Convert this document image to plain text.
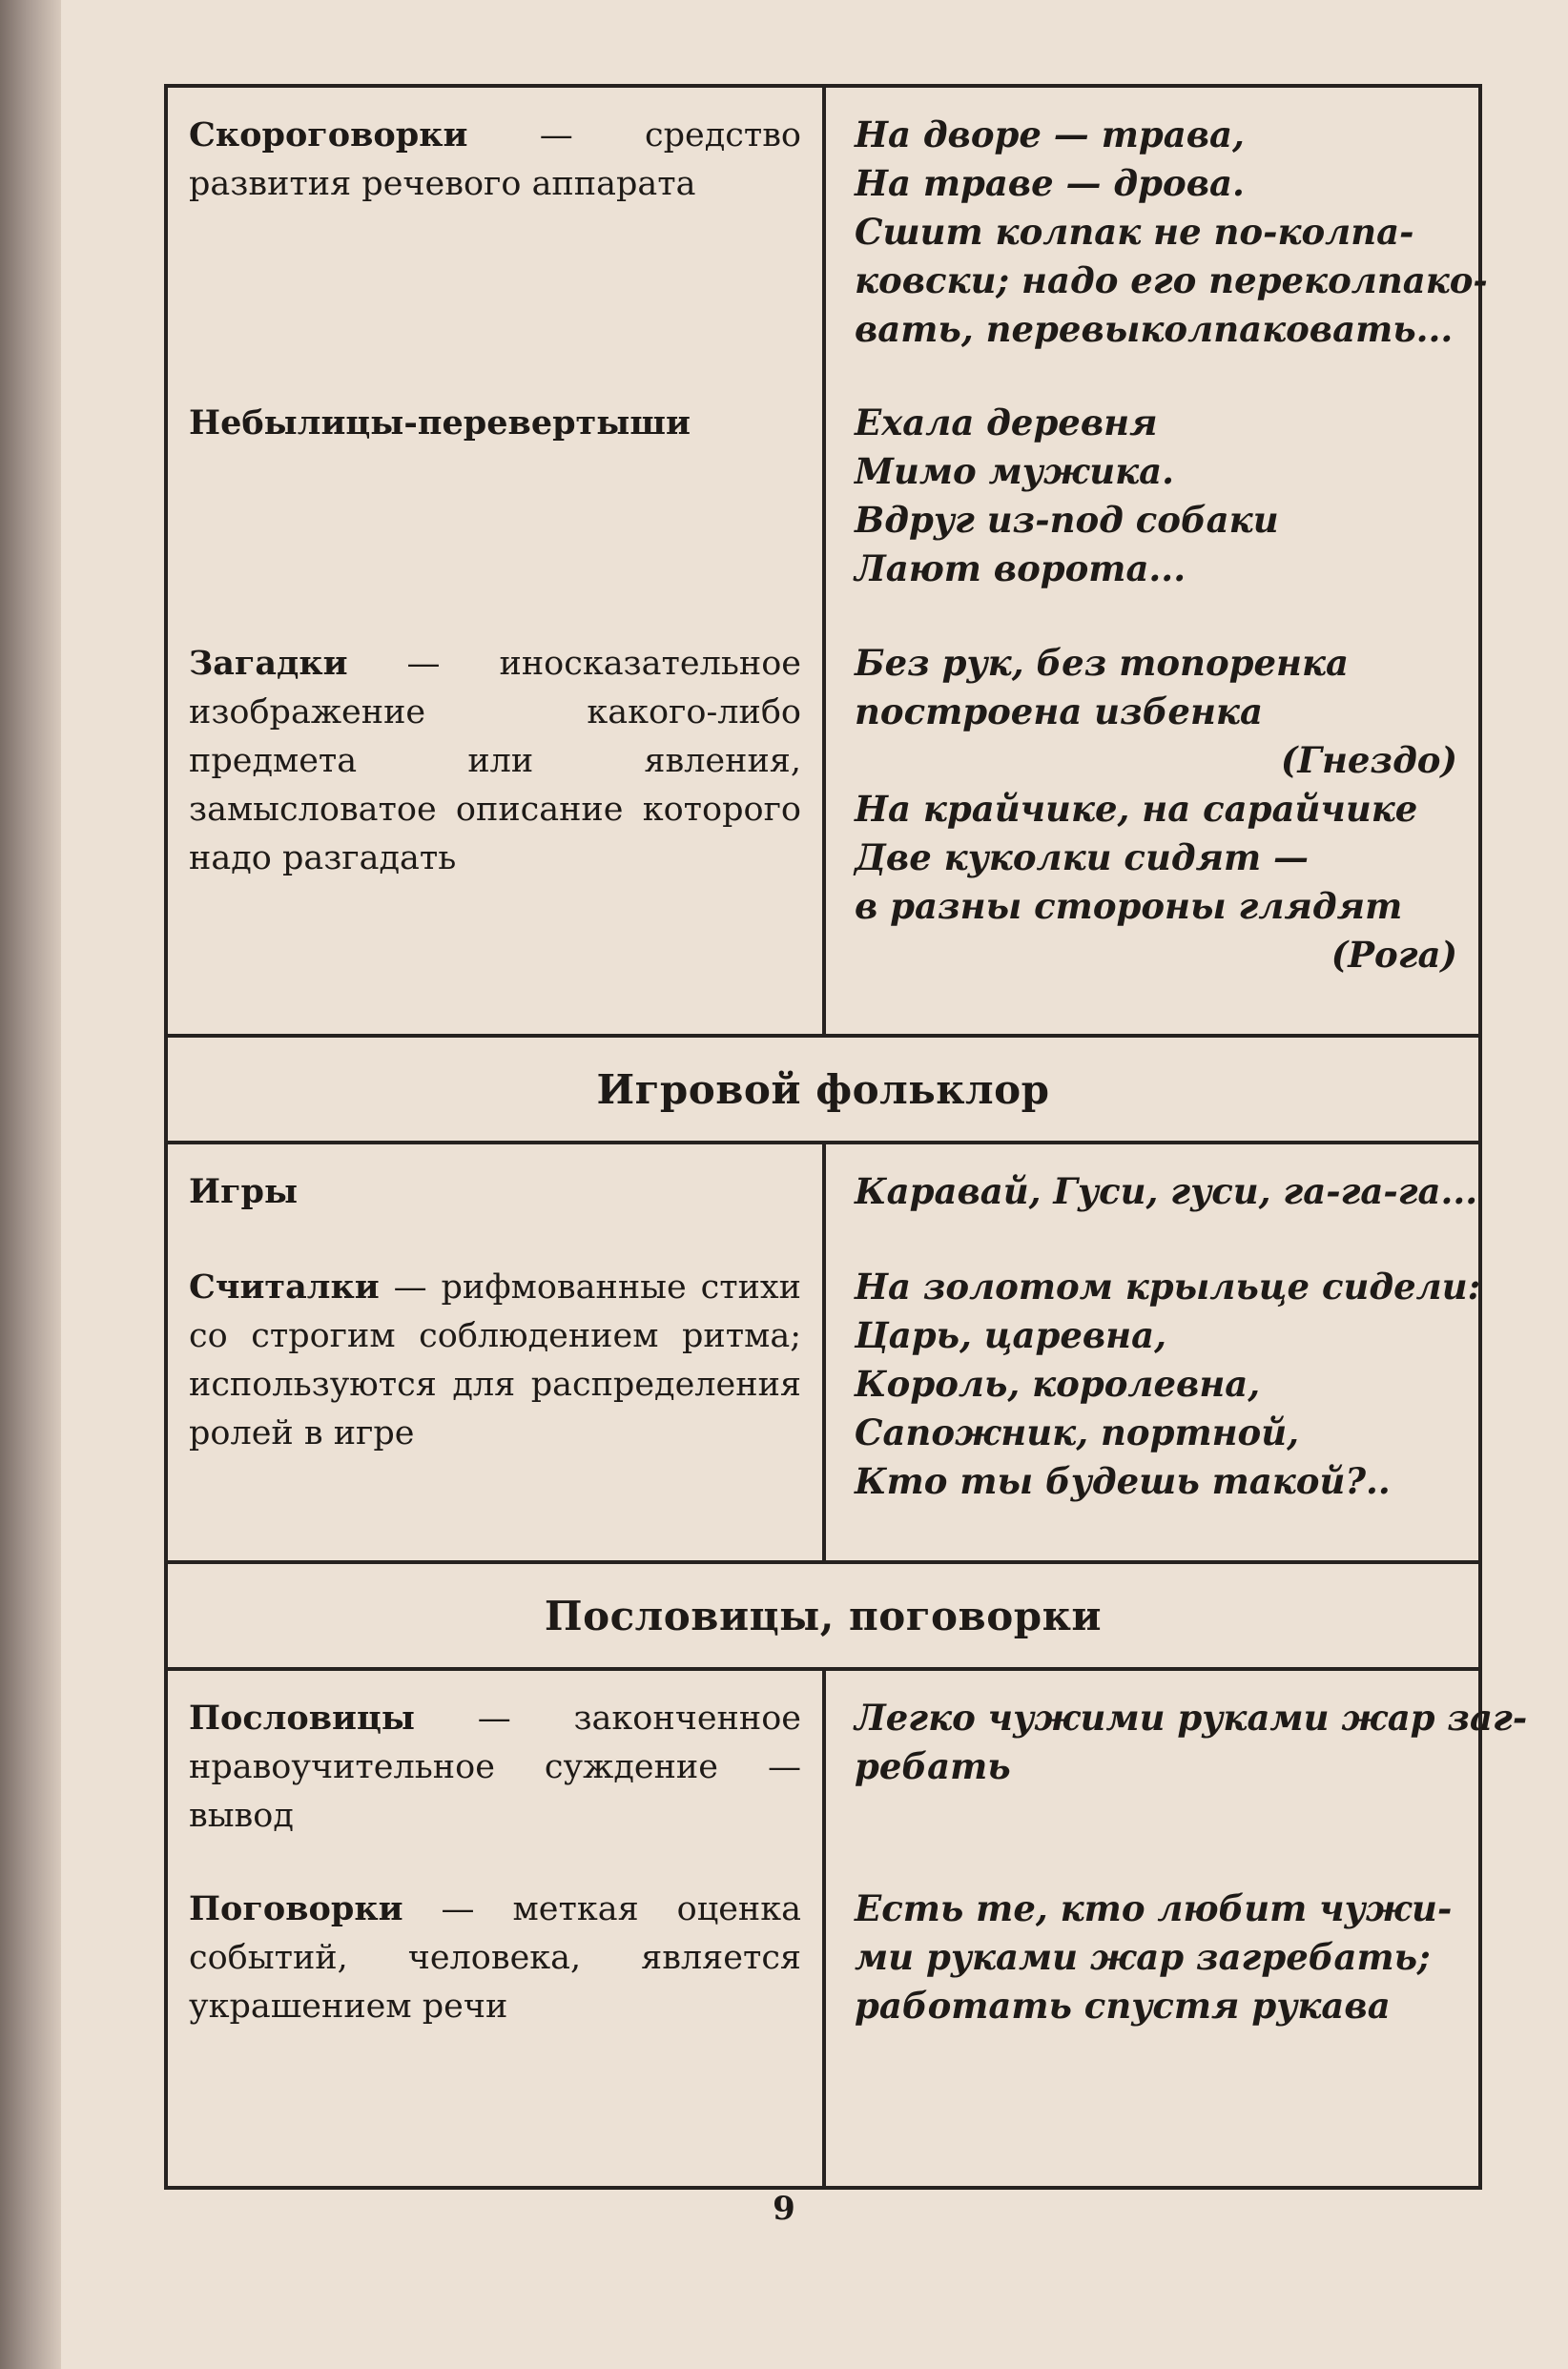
Скороговорки — средство развития речевого аппарата
На дворе — трава,
На траве — дрова.
Сшит колпак не по-колпа-
ковски; надо его переколпако-
вать, перевыколпаковать...
Небылицы-перевертыши	Ехала деревня
Мимо мужика.
Вдруг из-под собаки
Лают ворота...
Загадки — иносказательное изображение какого-либо предмета или явления, замысловатое описание которого надо разгадать
Без рук, без топоренка
построена избенка
(Гнездо)
На крайчике, на сарайчике
Две куколки сидят —
в разны стороны глядят
(Рога)
Игровой фольклор
Игры	Каравай, Гуси, гуси, га-га-га...
Считалки — рифмованные стихи со строгим соблюдением ритма; используются для распределения ролей в игре
На золотом крыльце сидели:
Царь, царевна,
Король, королевна,
Сапожник, портной,
Кто ты будешь такой?..
Пословицы, поговорки
Пословицы — законченное нравоучительное суждение — вывод
Легко чужими руками жар заг-
ребать
Поговорки — меткая оценка событий, человека, является украшением речи
Есть те, кто любит чужи-
ми руками жар загребать;
работать спустя рукава
9
